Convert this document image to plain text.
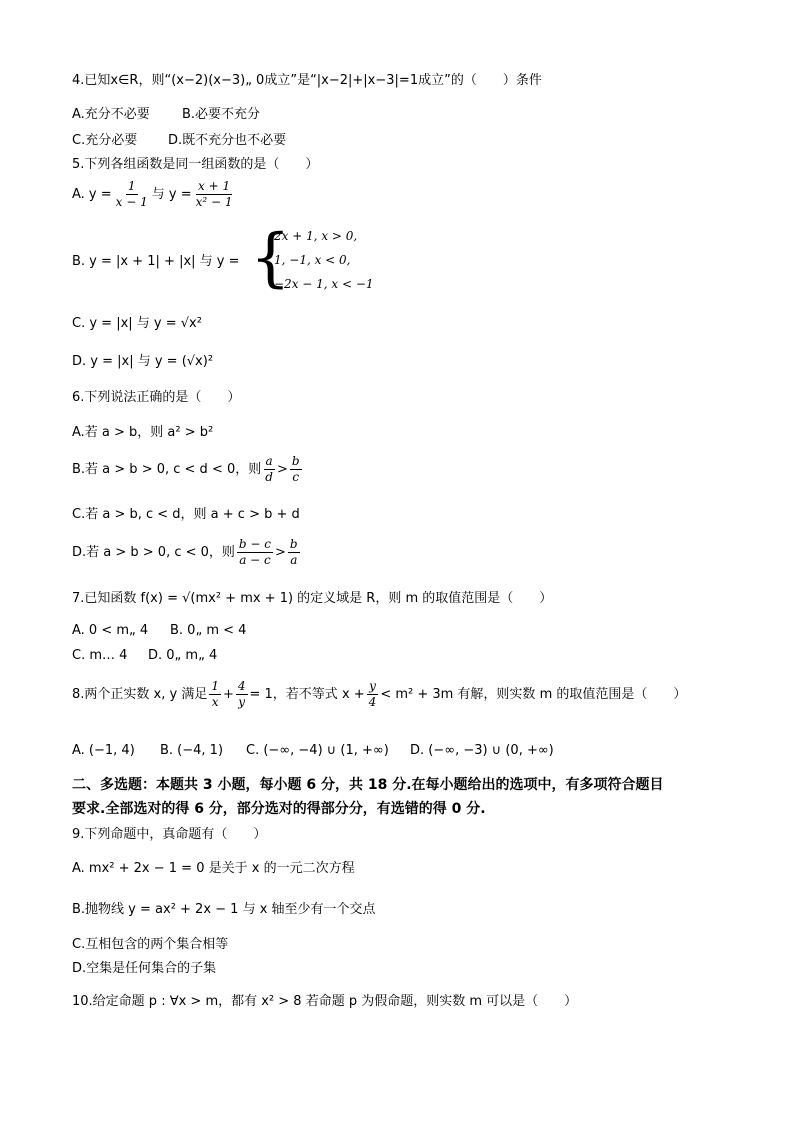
4.已知x∈R，则“(x−2)(x−3)„ 0成立”是“|x−2|+|x−3|=1成立”的（　　）条件
A.充分不必要 B.必要不充分
C.充分必要 D.既不充分也不必要
5.下列各组函数是同一组函数的是（　　）
A. $y = \frac{1}{x - 1}$ 与 $y = \frac{x + 1}{\text{x² − 1}}$
B. y = |x + 1| + |x| 与 y = {
2x + 1, x > 0,
1, −1, x < 0,
−2x − 1, x < −1
C. y = |x| 与 y = √x²
D. y = |x| 与 y = (√x)²
6.下列说法正确的是（　　）
A.若 a > b，则 a² > b²
B.若 a > b > 0, c < d < 0，则 $\frac{a}{d} > \frac{b}{c}$
C.若 a > b, c < d，则 a + c > b + d
D.若 a > b > 0, c < 0，则 $\frac{b - c}{a - c} > \frac{b}{a}$
7.已知函数 f(x) = √(mx² + mx + 1) 的定义域是 R，则 m 的取值范围是（　　）
A. 0 < m„ 4 B. 0„ m < 4
C. m… 4 D. 0„ m„ 4
8.两个正实数 x, y 满足 $\frac{1}{x} + \frac{4}{y} = 1$，若不等式 $x + \frac{y}{4} < m^2 + 3m$ 有解，则实数 m 的取值范围是（　　）
A. (−1, 4) B. (−4, 1) C. (−∞, −4) ∪ (1, +∞) D. (−∞, −3) ∪ (0, +∞)
二、多选题：本题共 3 小题，每小题 6 分，共 18 分.在每小题给出的选项中，有多项符合题目
要求.全部选对的得 6 分，部分选对的得部分分，有选错的得 0 分.
9.下列命题中，真命题有（　　）
A. mx² + 2x − 1 = 0 是关于 x 的一元二次方程
B.抛物线 y = ax² + 2x − 1 与 x 轴至少有一个交点
C.互相包含的两个集合相等
D.空集是任何集合的子集
10.给定命题 p : ∀x > m，都有 x² > 8 若命题 p 为假命题，则实数 m 可以是（　　）
